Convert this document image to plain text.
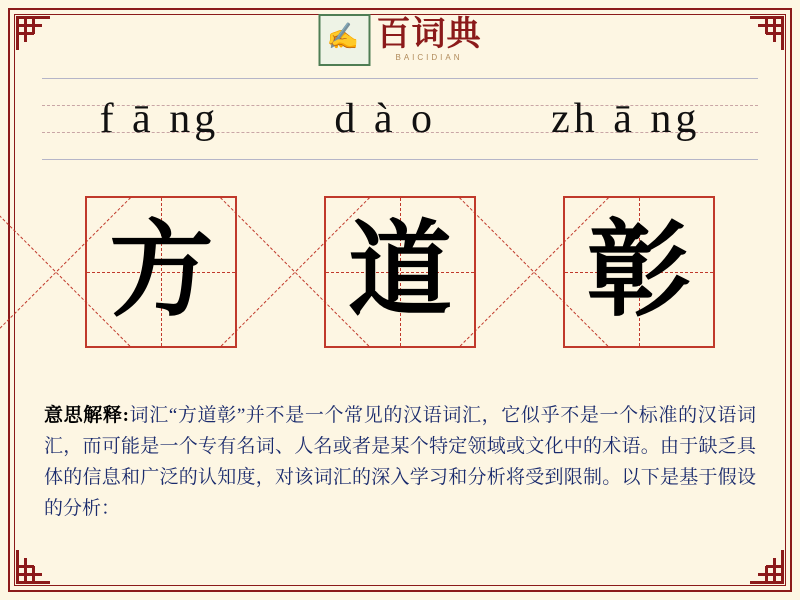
✍ 百词典
BAICIDIAN
f ā ng	d à o	zh ā ng
方 道 彰
意思解释:词汇“方道彰”并不是一个常见的汉语词汇，它似乎不是一个标准的汉语词汇，而可能是一个专有名词、人名或者是某个特定领域或文化中的术语。由于缺乏具体的信息和广泛的认知度，对该词汇的深入学习和分析将受到限制。以下是基于假设的分析：
